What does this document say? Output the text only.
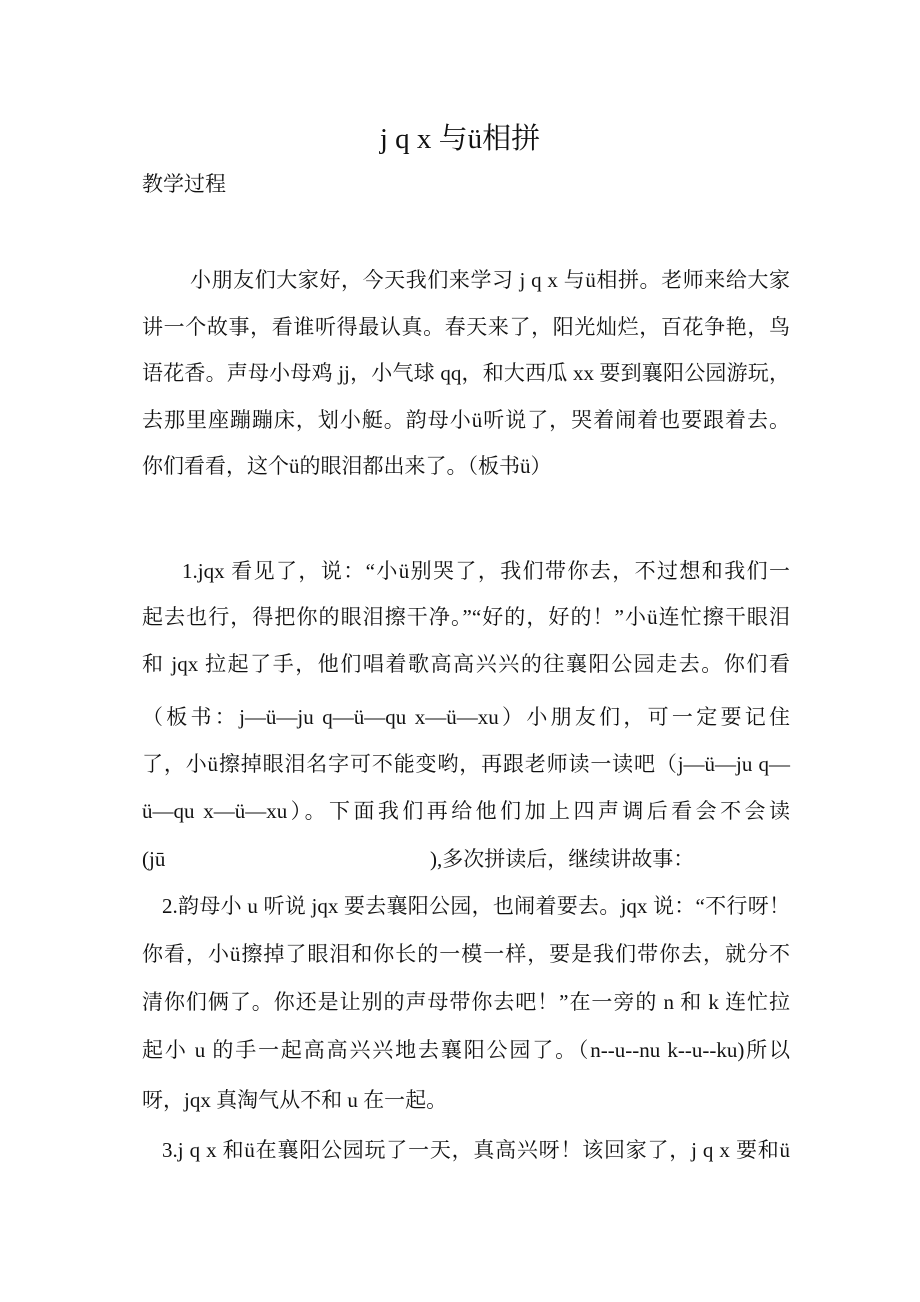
j q x 与ü相拼
教学过程
小朋友们大家好，今天我们来学习 j q x 与ü相拼。老师来给大家
讲一个故事，看谁听得最认真。春天来了，阳光灿烂，百花争艳，鸟
语花香。声母小母鸡 jj，小气球 qq，和大西瓜 xx 要到襄阳公园游玩，
去那里座蹦蹦床，划小艇。韵母小ü听说了，哭着闹着也要跟着去。
你们看看，这个ü的眼泪都出来了。（板书ü）
1.jqx 看见了，说：“小ü别哭了，我们带你去，不过想和我们一
起去也行，得把你的眼泪擦干净。”“好的，好的！”小ü连忙擦干眼泪
和 jqx 拉起了手，他们唱着歌高高兴兴的往襄阳公园走去。你们看
（板书：j—ü—ju q—ü—qu x—ü—xu）小朋友们，可一定要记住
了，小ü擦掉眼泪名字可不能变哟，再跟老师读一读吧（j—ü—ju q—
ü—qu x—ü—xu）。下面我们再给他们加上四声调后看会不会读
(jū	),多次拼读后，继续讲故事：
2.韵母小 u 听说 jqx 要去襄阳公园，也闹着要去。jqx 说：“不行呀！
你看，小ü擦掉了眼泪和你长的一模一样，要是我们带你去，就分不
清你们俩了。你还是让别的声母带你去吧！”在一旁的 n 和 k 连忙拉
起小 u 的手一起高高兴兴地去襄阳公园了。（n--u--nu k--u--ku)所以
呀，jqx 真淘气从不和 u 在一起。
3.j q x 和ü在襄阳公园玩了一天，真高兴呀！该回家了，j q x 要和ü
